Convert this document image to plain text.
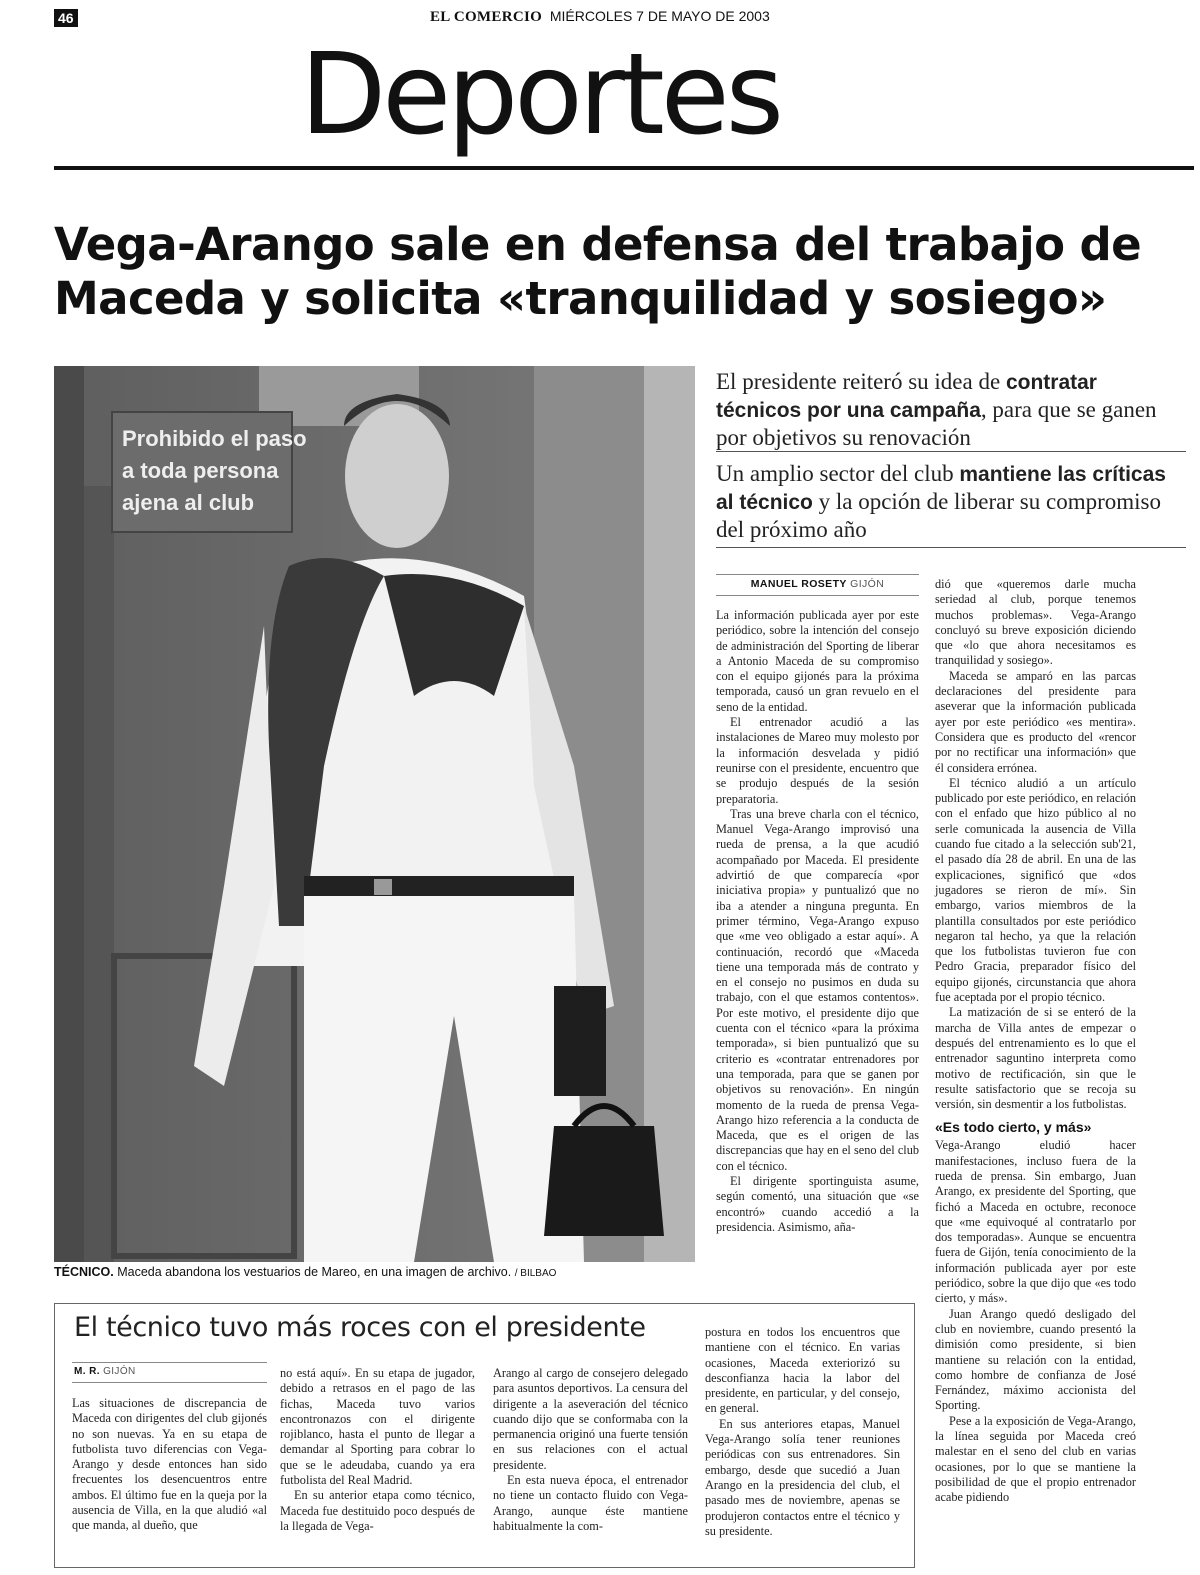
46	EL COMERCIO MIÉRCOLES 7 DE MAYO DE 2003
Deportes
Vega-Arango sale en defensa del trabajo de Maceda y solicita «tranquilidad y sosiego»
Prohibido el paso
a toda persona
ajena al club
TÉCNICO. Maceda abandona los vestuarios de Mareo, en una imagen de archivo. / BILBAO
El presidente reiteró su idea de contratar técnicos por una campaña, para que se ganen por objetivos su renovación
Un amplio sector del club mantiene las críticas al técnico y la opción de liberar su compromiso del próximo año
MANUEL ROSETY GIJÓN

La información publicada ayer por este periódico, sobre la intención del consejo de administración del Sporting de liberar a Antonio Maceda de su compromiso con el equipo gijonés para la próxima temporada, causó un gran revuelo en el seno de la entidad.

El entrenador acudió a las instalaciones de Mareo muy molesto por la información desvelada y pidió reunirse con el presidente, encuentro que se produjo después de la sesión preparatoria.

Tras una breve charla con el técnico, Manuel Vega-Arango improvisó una rueda de prensa, a la que acudió acompañado por Maceda. El presidente advirtió de que comparecía «por iniciativa propia» y puntualizó que no iba a atender a ninguna pregunta. En primer término, Vega-Arango expuso que «me veo obligado a estar aquí». A continuación, recordó que «Maceda tiene una temporada más de contrato y en el consejo no pusimos en duda su trabajo, con el que estamos contentos». Por este motivo, el presidente dijo que cuenta con el técnico «para la próxima temporada», si bien puntualizó que su criterio es «contratar entrenadores por una temporada, para que se ganen por objetivos su renovación». En ningún momento de la rueda de prensa Vega-Arango hizo referencia a la conducta de Maceda, que es el origen de las discrepancias que hay en el seno del club con el técnico.

El dirigente sportinguista asume, según comentó, una situación que «se encontró» cuando accedió a la presidencia. Asimismo, aña-

dió que «queremos darle mucha seriedad al club, porque tenemos muchos problemas». Vega-Arango concluyó su breve exposición diciendo que «lo que ahora necesitamos es tranquilidad y sosiego».

Maceda se amparó en las parcas declaraciones del presidente para aseverar que la información publicada ayer por este periódico «es mentira». Considera que es producto del «rencor por no rectificar una información» que él considera errónea.

El técnico aludió a un artículo publicado por este periódico, en relación con el enfado que hizo público al no serle comunicada la ausencia de Villa cuando fue citado a la selección sub'21, el pasado día 28 de abril. En una de las explicaciones, significó que «dos jugadores se rieron de mí». Sin embargo, varios miembros de la plantilla consultados por este periódico negaron tal hecho, ya que la relación que los futbolistas tuvieron fue con Pedro Gracia, preparador físico del equipo gijonés, circunstancia que ahora fue aceptada por el propio técnico.

La matización de si se enteró de la marcha de Villa antes de empezar o después del entrenamiento es lo que el entrenador saguntino interpreta como motivo de rectificación, sin que le resulte satisfactorio que se recoja su versión, sin desmentir a los futbolistas.

«Es todo cierto, y más»

Vega-Arango eludió hacer manifestaciones, incluso fuera de la rueda de prensa. Sin embargo, Juan Arango, ex presidente del Sporting, que fichó a Maceda en octubre, reconoce que «me equivoqué al contratarlo por dos temporadas». Aunque se encuentra fuera de Gijón, tenía conocimiento de la información publicada ayer por este periódico, sobre la que dijo que «es todo cierto, y más».

Juan Arango quedó desligado del club en noviembre, cuando presentó la dimisión como presidente, si bien mantiene su relación con la entidad, como hombre de confianza de José Fernández, máximo accionista del Sporting.

Pese a la exposición de Vega-Arango, la línea seguida por Maceda creó malestar en el seno del club en varias ocasiones, por lo que se mantiene la posibilidad de que el propio entrenador acabe pidiendo

El técnico tuvo más roces con el presidente
M. R. GIJÓN

Las situaciones de discrepancia de Maceda con dirigentes del club gijonés no son nuevas. Ya en su etapa de futbolista tuvo diferencias con Vega-Arango y desde entonces han sido frecuentes los desencuentros entre ambos. El último fue en la queja por la ausencia de Villa, en la que aludió «al que manda, al dueño, que

no está aquí». En su etapa de jugador, debido a retrasos en el pago de las fichas, Maceda tuvo varios encontronazos con el dirigente rojiblanco, hasta el punto de llegar a demandar al Sporting para cobrar lo que se le adeudaba, cuando ya era futbolista del Real Madrid.

En su anterior etapa como técnico, Maceda fue destituido poco después de la llegada de Vega-

Arango al cargo de consejero delegado para asuntos deportivos. La censura del dirigente a la aseveración del técnico cuando dijo que se conformaba con la permanencia originó una fuerte tensión en sus relaciones con el actual presidente.

En esta nueva época, el entrenador no tiene un contacto fluido con Vega-Arango, aunque éste mantiene habitualmente la com-

postura en todos los encuentros que mantiene con el técnico. En varias ocasiones, Maceda exteriorizó su desconfianza hacia la labor del presidente, en particular, y del consejo, en general.

En sus anteriores etapas, Manuel Vega-Arango solía tener reuniones periódicas con sus entrenadores. Sin embargo, desde que sucedió a Juan Arango en la presidencia del club, el pasado mes de noviembre, apenas se produjeron contactos entre el técnico y su presidente.
